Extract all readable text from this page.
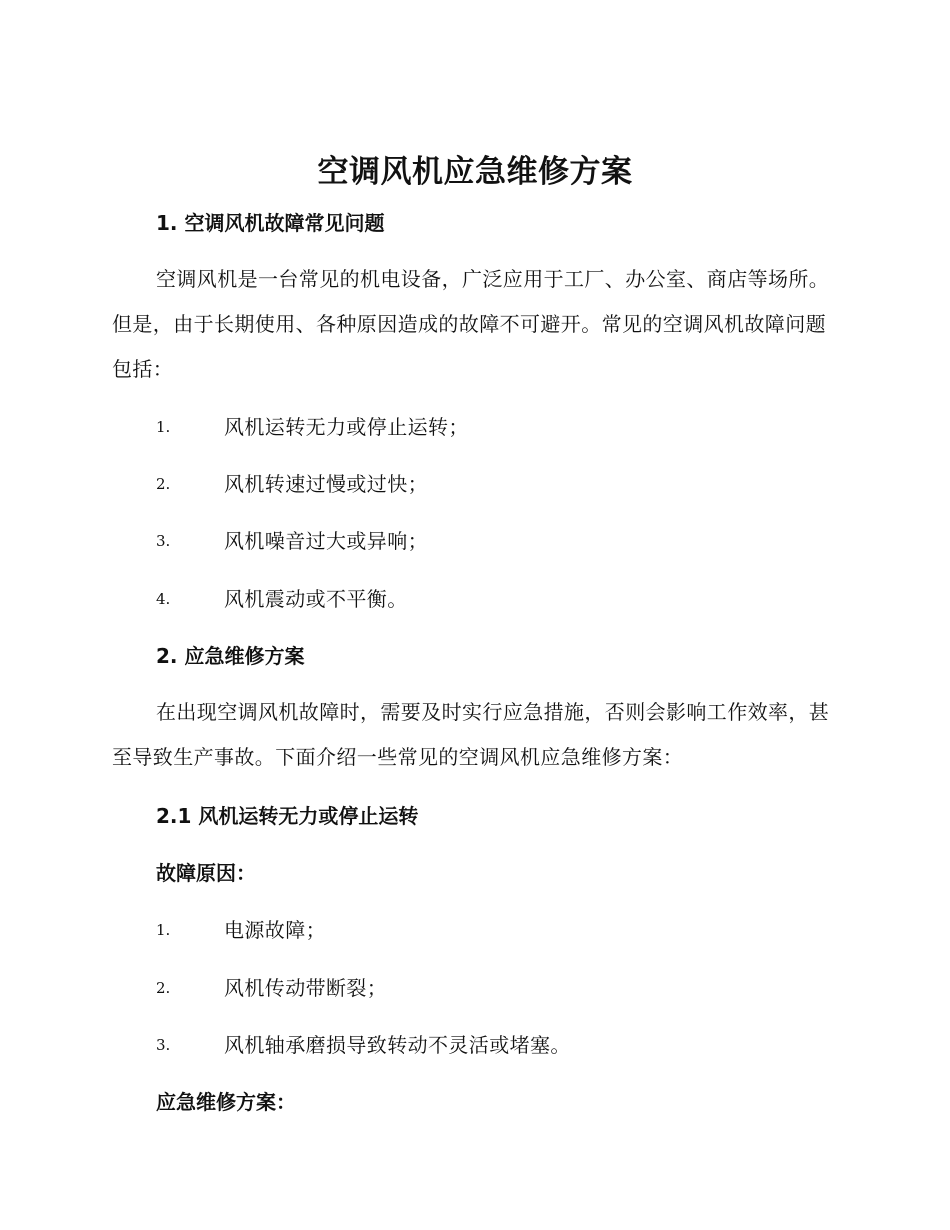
空调风机应急维修方案
1. 空调风机故障常见问题
空调风机是一台常见的机电设备，广泛应用于工厂、办公室、商店等场所。但是，由于长期使用、各种原因造成的故障不可避开。常见的空调风机故障问题包括：
1.	风机运转无力或停止运转；
2.	风机转速过慢或过快；
3.	风机噪音过大或异响；
4.	风机震动或不平衡。
2. 应急维修方案
在出现空调风机故障时，需要及时实行应急措施，否则会影响工作效率，甚至导致生产事故。下面介绍一些常见的空调风机应急维修方案：
2.1 风机运转无力或停止运转
故障原因：
1.	电源故障；
2.	风机传动带断裂；
3.	风机轴承磨损导致转动不灵活或堵塞。
应急维修方案：
